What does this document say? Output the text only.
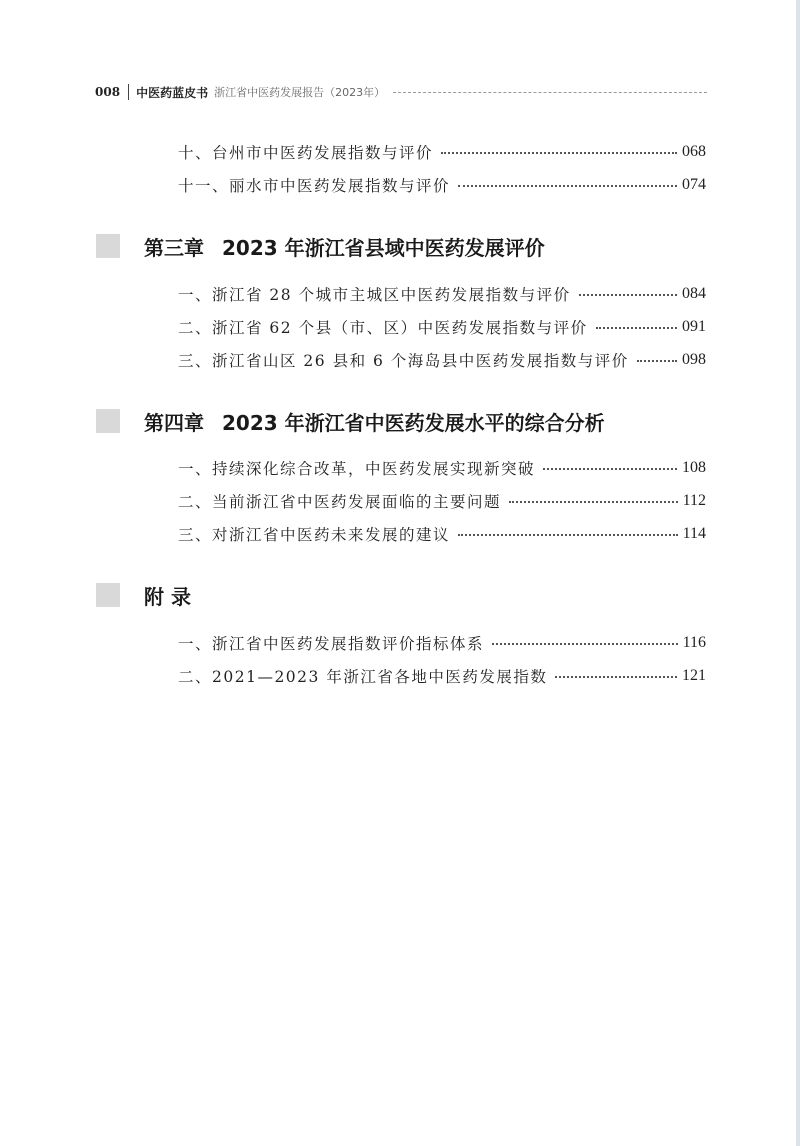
008 中医药蓝皮书 浙江省中医药发展报告（2023年）
十、台州市中医药发展指数与评价	068
十一、丽水市中医药发展指数与评价	074
第三章 2023 年浙江省县域中医药发展评价
一、浙江省 28 个城市主城区中医药发展指数与评价	084
二、浙江省 62 个县（市、区）中医药发展指数与评价	091
三、浙江省山区 26 县和 6 个海岛县中医药发展指数与评价	098
第四章 2023 年浙江省中医药发展水平的综合分析
一、持续深化综合改革，中医药发展实现新突破	108
二、当前浙江省中医药发展面临的主要问题	112
三、对浙江省中医药未来发展的建议	114
附 录
一、浙江省中医药发展指数评价指标体系	116
二、2021—2023 年浙江省各地中医药发展指数	121
